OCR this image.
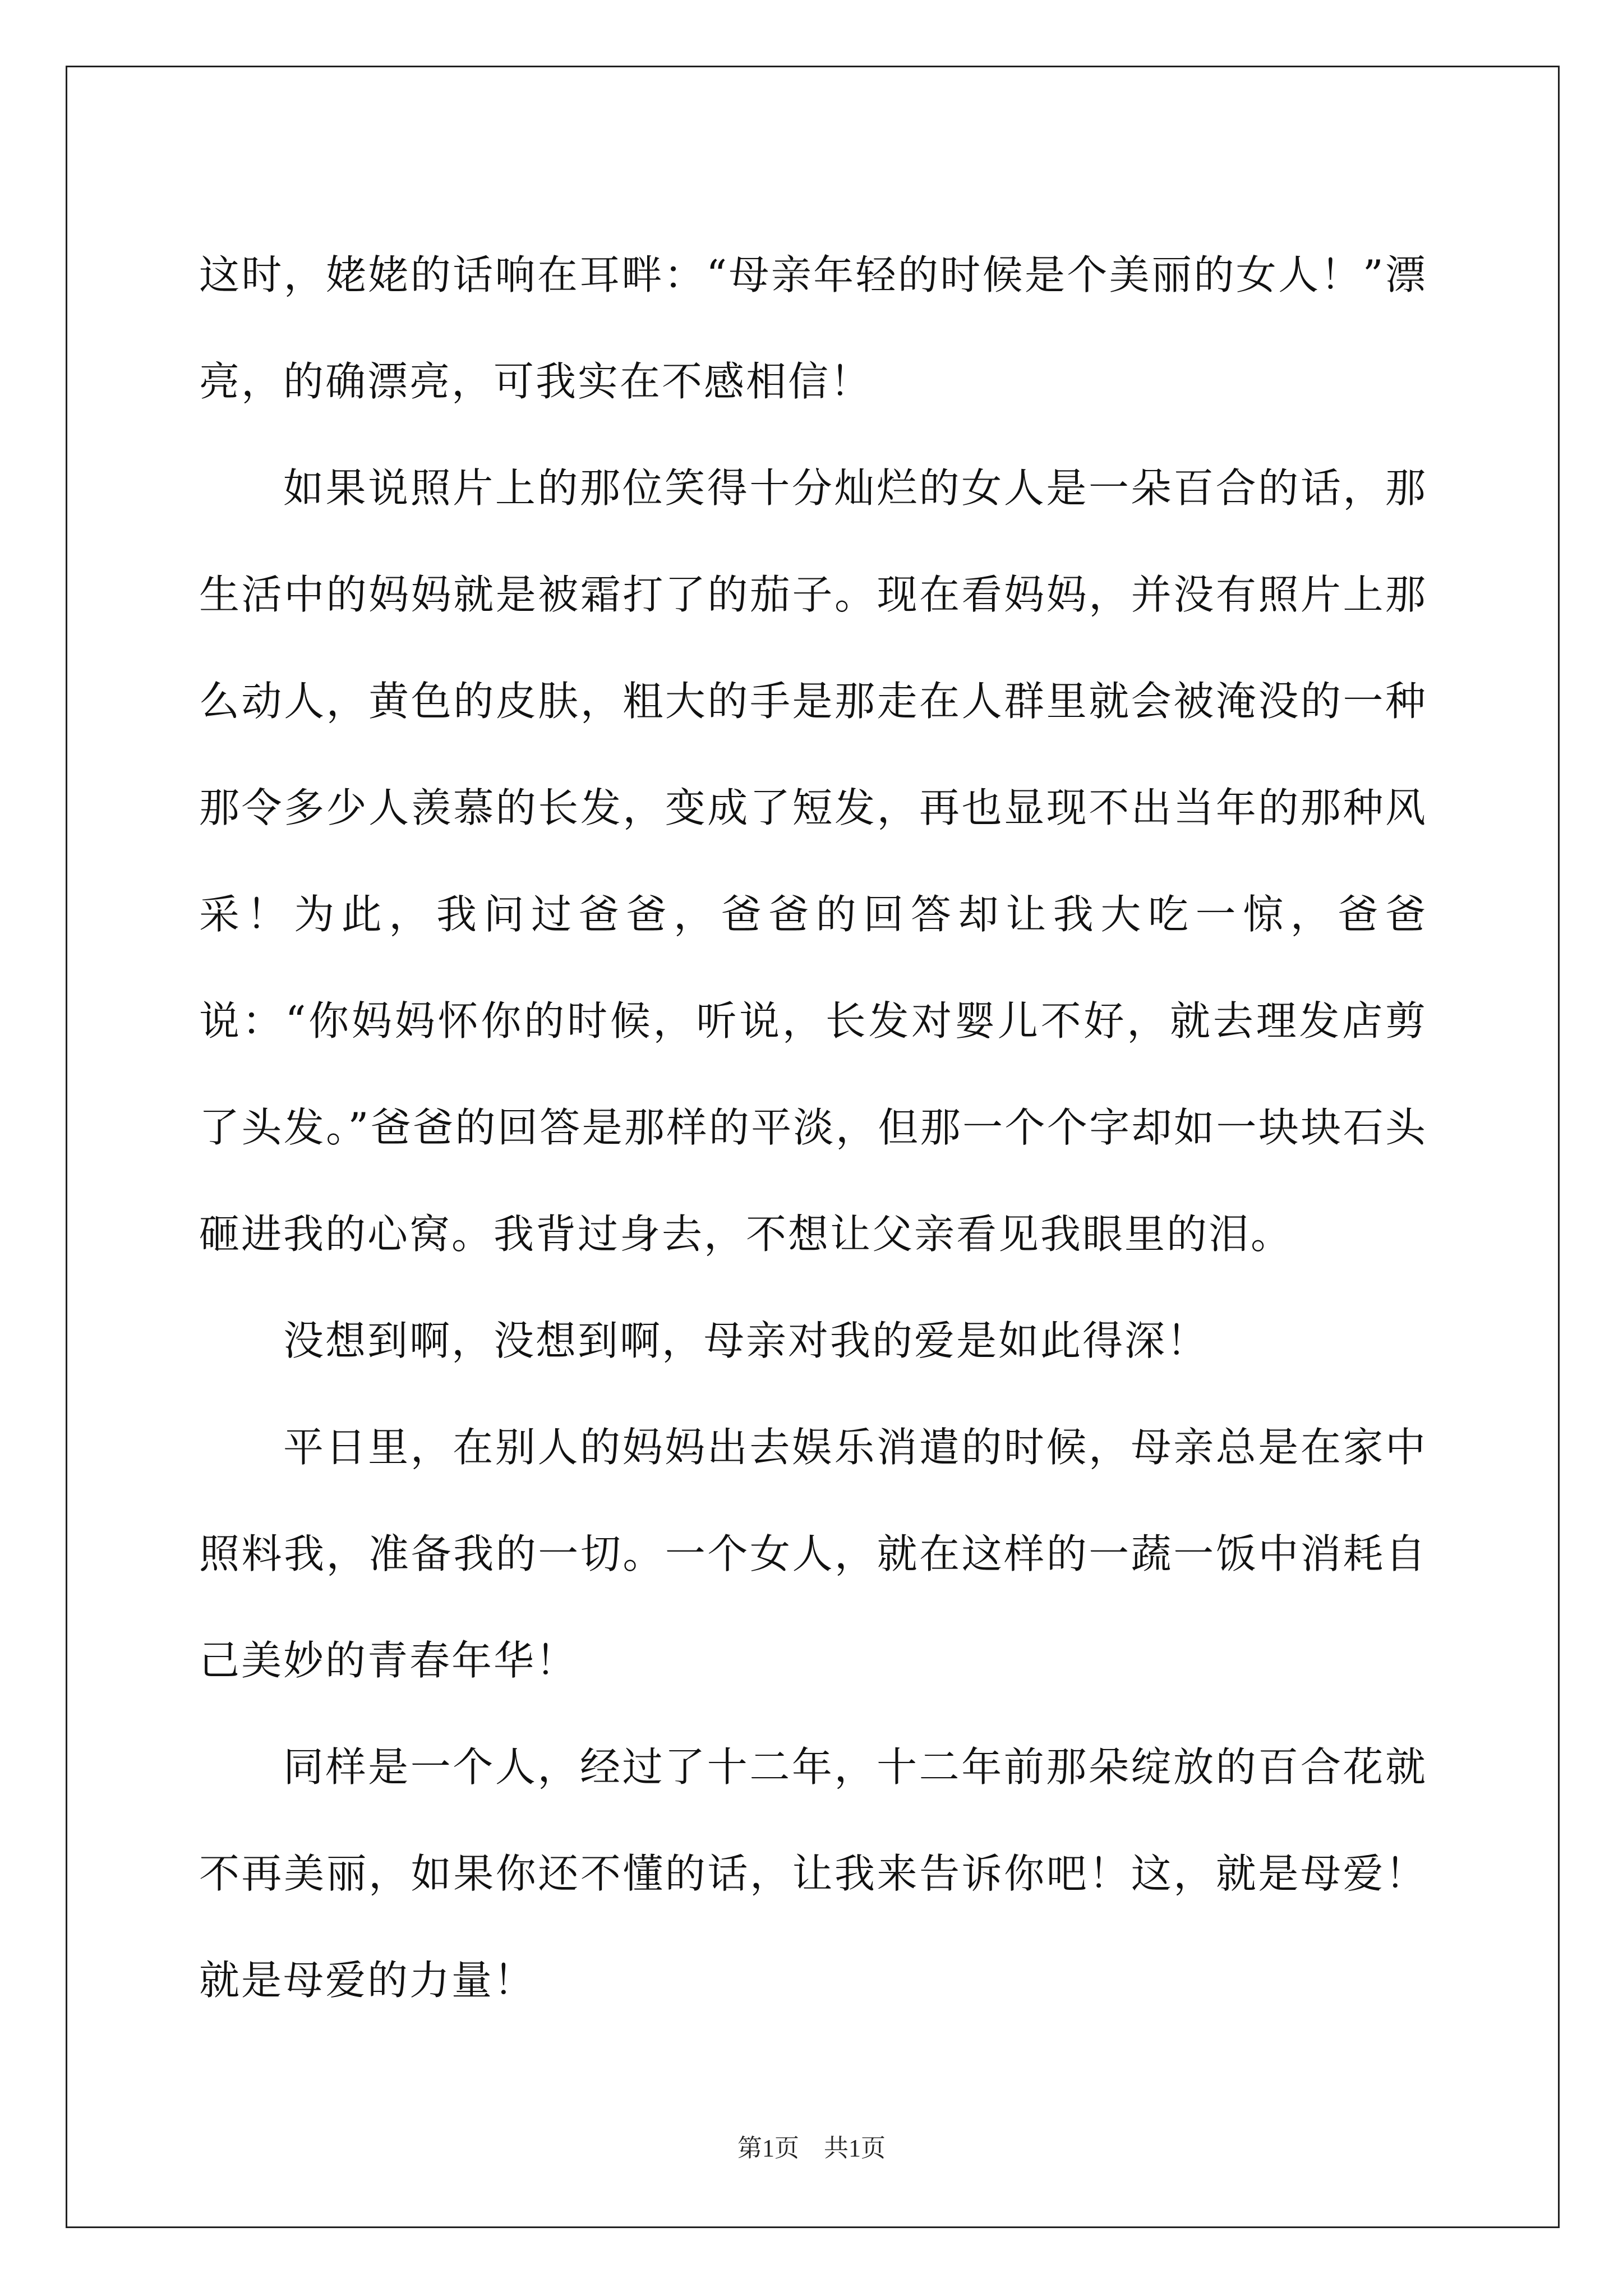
这时，姥姥的话响在耳畔：“母亲年轻的时候是个美丽的女人！”漂亮，的确漂亮，可我实在不感相信！

如果说照片上的那位笑得十分灿烂的女人是一朵百合的话，那生活中的妈妈就是被霜打了的茄子。现在看妈妈，并没有照片上那么动人，黄色的皮肤，粗大的手是那走在人群里就会被淹没的一种那令多少人羡慕的长发，变成了短发，再也显现不出当年的那种风采！为此，我问过爸爸，爸爸的回答却让我大吃一惊，爸爸说：“你妈妈怀你的时候，听说，长发对婴儿不好，就去理发店剪了头发。”爸爸的回答是那样的平淡，但那一个个字却如一块块石头砸进我的心窝。我背过身去，不想让父亲看见我眼里的泪。

没想到啊，没想到啊，母亲对我的爱是如此得深！

平日里，在别人的妈妈出去娱乐消遣的时候，母亲总是在家中照料我，准备我的一切。一个女人，就在这样的一蔬一饭中消耗自己美妙的青春年华！

同样是一个人，经过了十二年，十二年前那朵绽放的百合花就不再美丽，如果你还不懂的话，让我来告诉你吧！这，就是母爱！就是母爱的力量！

第1页　共1页
